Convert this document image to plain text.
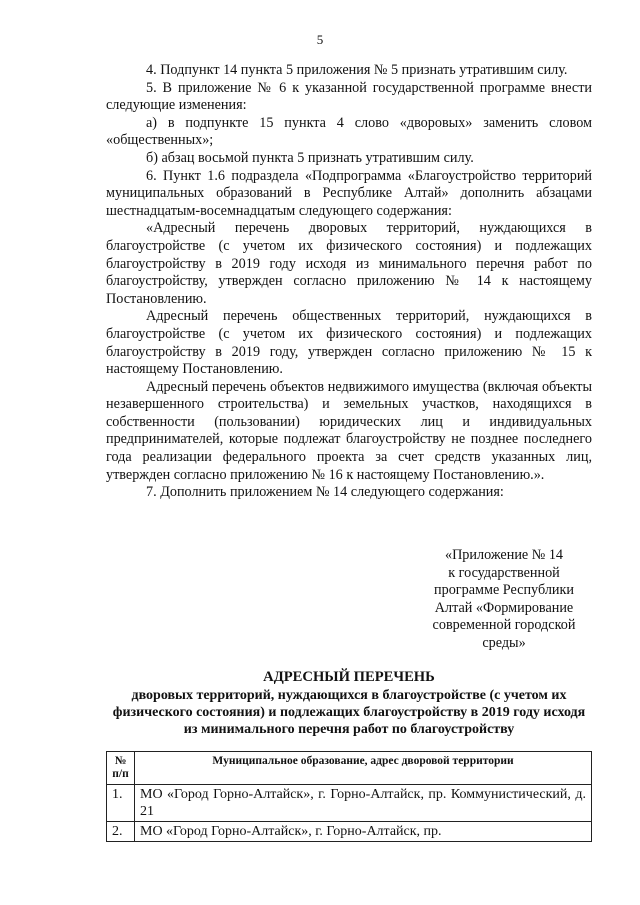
5

4. Подпункт 14 пункта 5 приложения № 5 признать утратившим силу.

5. В приложение № 6 к указанной государственной программе внести следующие изменения:

а) в подпункте 15 пункта 4 слово «дворовых» заменить словом «общественных»;

б) абзац восьмой пункта 5 признать утратившим силу.

6. Пункт 1.6 подраздела «Подпрограмма «Благоустройство территорий муниципальных образований в Республике Алтай» дополнить абзацами шестнадцатым-восемнадцатым следующего содержания:

«Адресный перечень дворовых территорий, нуждающихся в благоустройстве (с учетом их физического состояния) и подлежащих благоустройству в 2019 году исходя из минимального перечня работ по благоустройству, утвержден согласно приложению № 14 к настоящему Постановлению.

Адресный перечень общественных территорий, нуждающихся в благоустройстве (с учетом их физического состояния) и подлежащих благоустройству в 2019 году, утвержден согласно приложению № 15 к настоящему Постановлению.

Адресный перечень объектов недвижимого имущества (включая объекты незавершенного строительства) и земельных участков, находящихся в собственности (пользовании) юридических лиц и индивидуальных предпринимателей, которые подлежат благоустройству не позднее последнего года реализации федерального проекта за счет средств указанных лиц, утвержден согласно приложению № 16 к настоящему Постановлению.».

7. Дополнить приложением № 14 следующего содержания:

«Приложение № 14
к государственной
программе Республики
Алтай «Формирование
современной городской
среды»
АДРЕСНЫЙ ПЕРЕЧЕНЬ
дворовых территорий, нуждающихся в благоустройстве (с учетом их физического состояния) и подлежащих благоустройству в 2019 году исходя из минимального перечня работ по благоустройству
№ п/п	Муниципальное образование, адрес дворовой территории
1.	МО «Город Горно-Алтайск», г. Горно-Алтайск, пр. Коммунистический, д. 21
2.	МО «Город Горно-Алтайск», г. Горно-Алтайск, пр.
